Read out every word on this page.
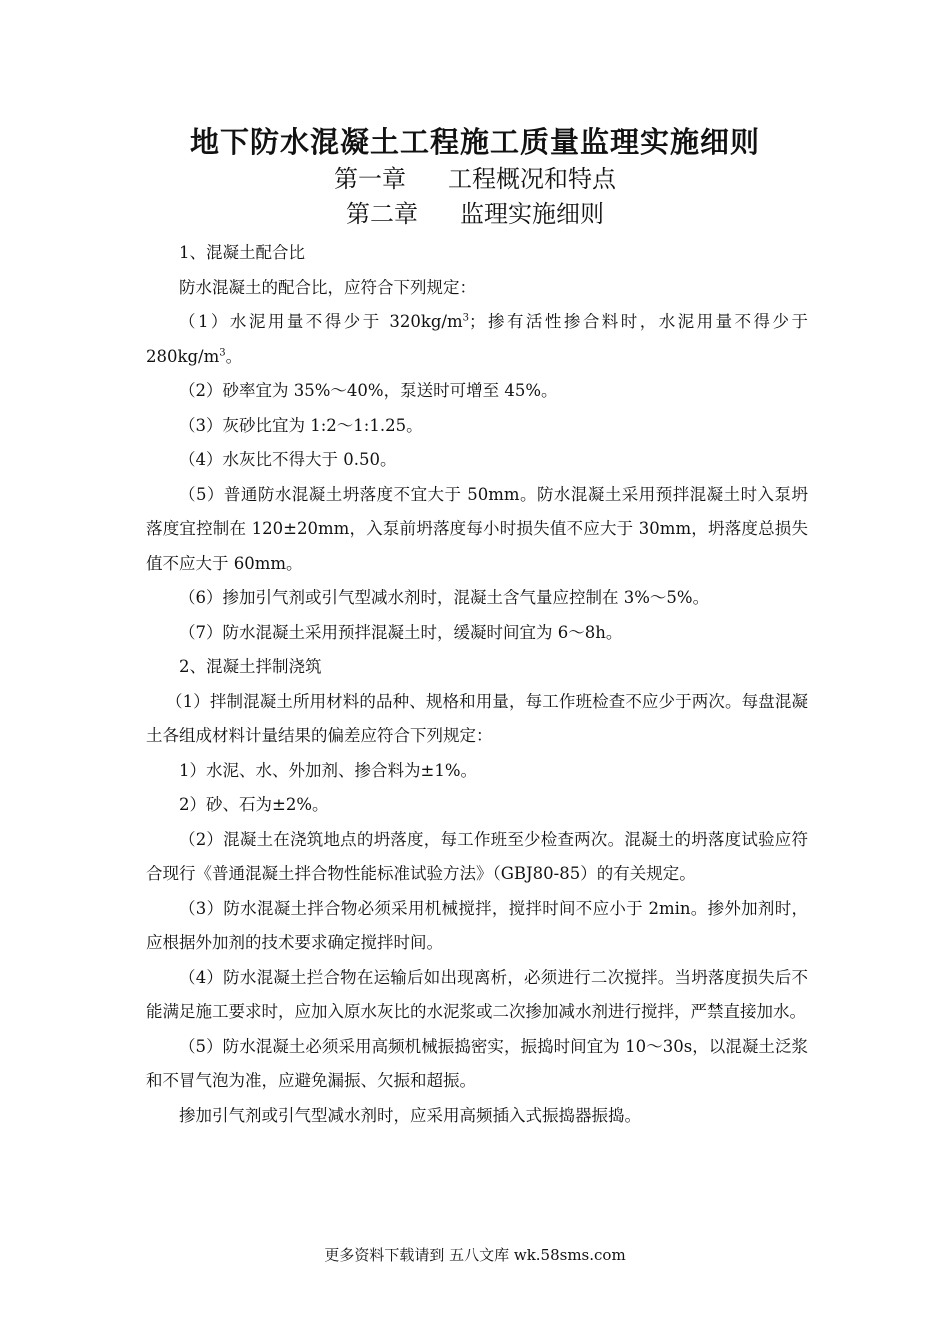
地下防水混凝土工程施工质量监理实施细则
第一章 工程概况和特点
第二章 监理实施细则

1、混凝土配合比

防水混凝土的配合比，应符合下列规定：

（1）水泥用量不得少于 $320kg/m^3$；掺有活性掺合料时，水泥用量不得少于 $280kg/m^3$。

（2）砂率宜为 35%～40%，泵送时可增至 45%。

（3）灰砂比宜为 1:2～1:1.25。

（4）水灰比不得大于 0.50。

（5）普通防水混凝土坍落度不宜大于 50mm。防水混凝土采用预拌混凝土时入泵坍落度宜控制在 120±20mm，入泵前坍落度每小时损失值不应大于 30mm，坍落度总损失值不应大于 60mm。

（6）掺加引气剂或引气型减水剂时，混凝土含气量应控制在 3%～5%。

（7）防水混凝土采用预拌混凝土时，缓凝时间宜为 6～8h。

2、混凝土拌制浇筑

（1）拌制混凝土所用材料的品种、规格和用量，每工作班检查不应少于两次。每盘混凝土各组成材料计量结果的偏差应符合下列规定：

1）水泥、水、外加剂、掺合料为±1%。

2）砂、石为±2%。

（2）混凝土在浇筑地点的坍落度，每工作班至少检查两次。混凝土的坍落度试验应符合现行《普通混凝土拌合物性能标准试验方法》（GBJ80-85）的有关规定。

（3）防水混凝土拌合物必须采用机械搅拌，搅拌时间不应小于 2min。掺外加剂时，应根据外加剂的技术要求确定搅拌时间。

（4）防水混凝土拦合物在运输后如出现离析，必须进行二次搅拌。当坍落度损失后不能满足施工要求时，应加入原水灰比的水泥浆或二次掺加减水剂进行搅拌，严禁直接加水。

（5）防水混凝土必须采用高频机械振捣密实，振捣时间宜为 10～30s，以混凝土泛浆和不冒气泡为准，应避免漏振、欠振和超振。

掺加引气剂或引气型减水剂时，应采用高频插入式振捣器振捣。

更多资料下载请到 五八文库 wk.58sms.com
